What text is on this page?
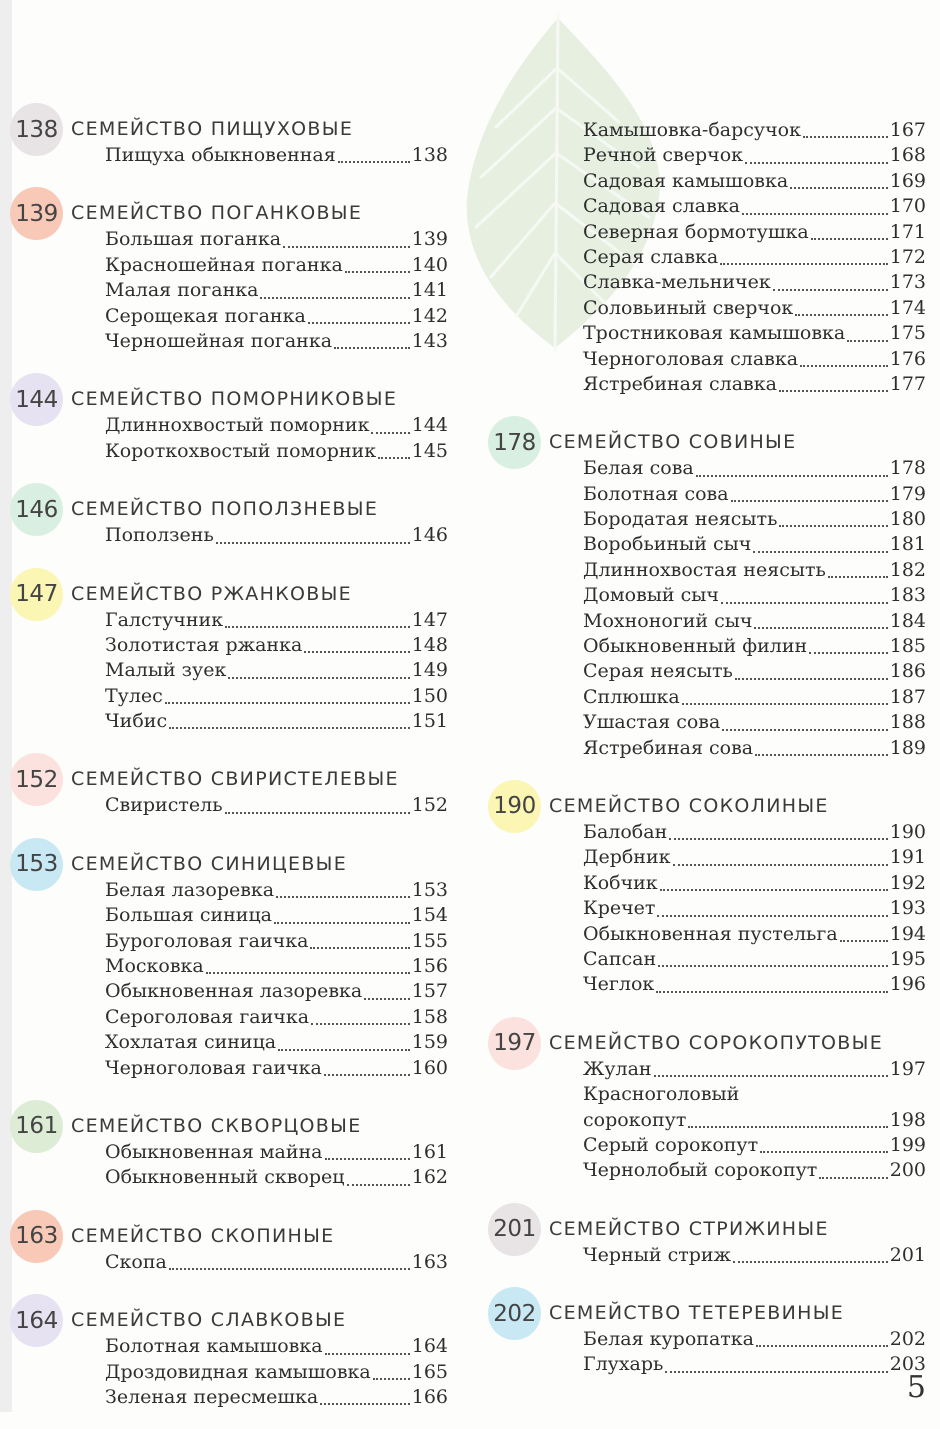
138 СЕМЕЙСТВО ПИЩУХОВЫЕ
Пищуха обыкновенная	138
139 СЕМЕЙСТВО ПОГАНКОВЫЕ
Большая поганка	139
Красношейная поганка	140
Малая поганка	141
Серощекая поганка	142
Черношейная поганка	143
144 СЕМЕЙСТВО ПОМОРНИКОВЫЕ
Длиннохвостый поморник 144
Короткохвостый поморник 145
146 СЕМЕЙСТВО ПОПОЛЗНЕВЫЕ
Поползень	146
147 СЕМЕЙСТВО РЖАНКОВЫЕ
Галстучник	147
Золотистая ржанка	148
Малый зуек	149
Тулес	150
Чибис	151
152 СЕМЕЙСТВО СВИРИСТЕЛЕВЫЕ
Свиристель	152
153 СЕМЕЙСТВО СИНИЦЕВЫЕ
Белая лазоревка	153
Большая синица	154
Буроголовая гаичка	155
Московка	156
Обыкновенная лазоревка	157
Сероголовая гаичка	158
Хохлатая синица	159
Черноголовая гаичка	160
161 СЕМЕЙСТВО СКВОРЦОВЫЕ
Обыкновенная майна	161
Обыкновенный скворец	162
163 СЕМЕЙСТВО СКОПИНЫЕ
Скопа	163
164 СЕМЕЙСТВО СЛАВКОВЫЕ
Болотная камышовка	164
Дроздовидная камышовка 165
Зеленая пересмешка	166
Камышовка-барсучок	167
Речной сверчок	168
Садовая камышовка	169
Садовая славка	170
Северная бормотушка	171
Серая славка	172
Славка-мельничек	173
Соловьиный сверчок	174
Тростниковая камышовка 175
Черноголовая славка	176
Ястребиная славка	177
178 СЕМЕЙСТВО СОВИНЫЕ
Белая сова	178
Болотная сова	179
Бородатая неясыть	180
Воробьиный сыч	181
Длиннохвостая неясыть	182
Домовый сыч	183
Мохноногий сыч	184
Обыкновенный филин	185
Серая неясыть	186
Сплюшка	187
Ушастая сова	188
Ястребиная сова	189
190 СЕМЕЙСТВО СОКОЛИНЫЕ
Балобан	190
Дербник	191
Кобчик	192
Кречет	193
Обыкновенная пустельга	194
Сапсан	195
Чеглок	196
197 СЕМЕЙСТВО СОРОКОПУТОВЫЕ
Жулан	197
Красноголовый
сорокопут	198
Серый сорокопут	199
Чернолобый сорокопут	200
201 СЕМЕЙСТВО СТРИЖИНЫЕ
Черный стриж	201
202 СЕМЕЙСТВО ТЕТЕРЕВИНЫЕ
Белая куропатка	202
Глухарь	203
5
